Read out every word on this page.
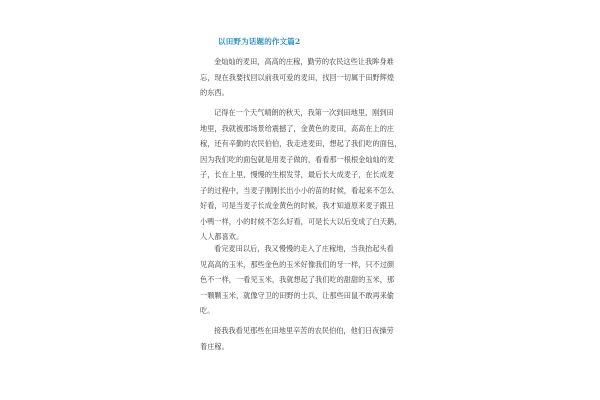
以田野为话题的作文篇2
金灿灿的麦田，高高的庄稼，勤劳的农民这些让我眸身难
忘，现在我要找回以前我可爱的麦田，找回一切属于田野辉煌
的东西。
记得在一个天气晴朗的秋天，我第一次到田地里，刚到田
地里，我就被那场景给震撼了，金黄色的麦田，高高在上的庄
稼，还有辛勤的农民伯伯，我走进麦田，想起了我们吃的面包，
因为我们吃的面包就是用麦子做的，看看那一根根金灿灿的麦
子，长在上里，慢慢的生根发芽，最后长大成麦子，在长成麦
子的过程中，当麦子刚刚长出小小的苗的时候，看起来不怎么
好看，可是当麦子长成金黄色的时候，我才知道原来麦子跟丑
小鸭一样，小的时候不怎么好看，可是长大以后变成了白天鹅，
人人都喜欢。
看完麦田以后，我又慢慢的走入了庄稼地，当我抬起头看
见高高的玉米，那些金色的玉米好像我们的牙一样，只不过颜
色不一样，一看见玉米，我就想起了我们吃的甜甜的玉米，那
一颗颗玉米，就像守卫的田野的士兵，让那些田鼠不敢再来偷
吃。
接我我看见那些在田地里辛苦的农民伯伯，他们日夜操劳
着庄稼。
